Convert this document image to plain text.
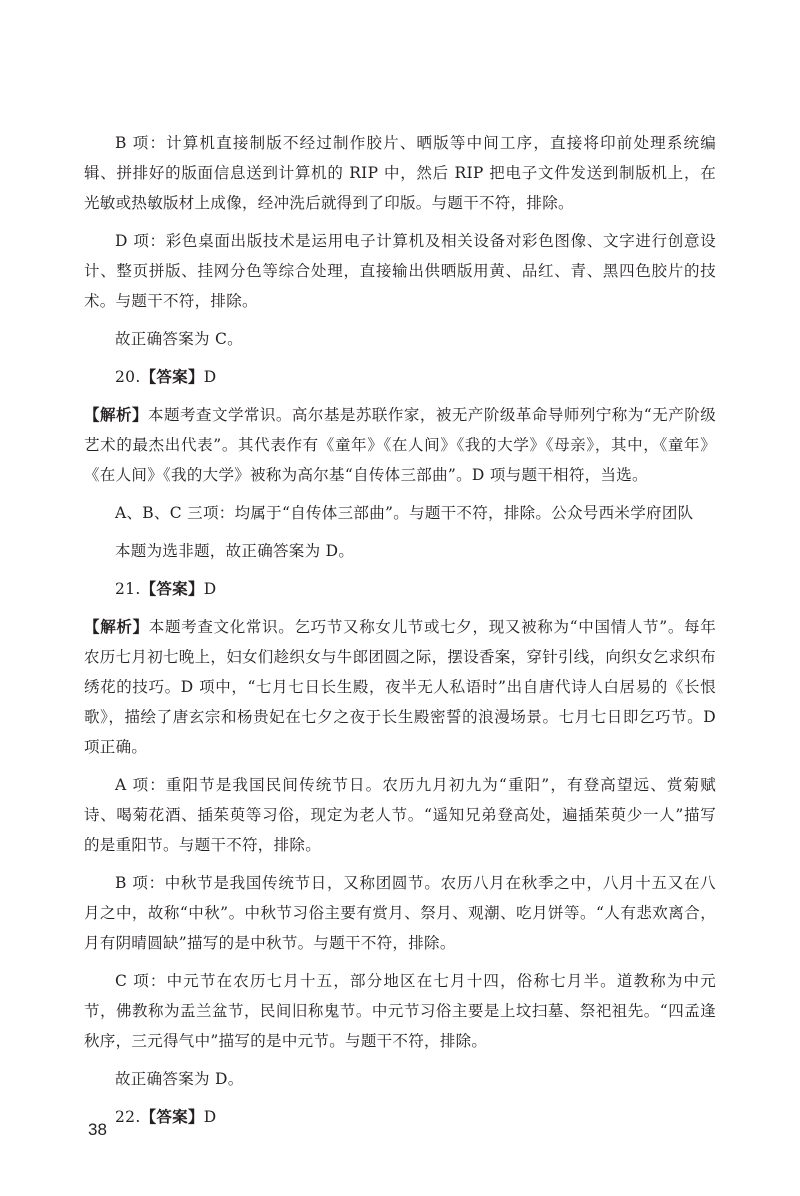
B 项：计算机直接制版不经过制作胶片、晒版等中间工序，直接将印前处理系统编辑、拼排好的版面信息送到计算机的 RIP 中，然后 RIP 把电子文件发送到制版机上，在光敏或热敏版材上成像，经冲洗后就得到了印版。与题干不符，排除。

D 项：彩色桌面出版技术是运用电子计算机及相关设备对彩色图像、文字进行创意设计、整页拼版、挂网分色等综合处理，直接输出供晒版用黄、品红、青、黑四色胶片的技术。与题干不符，排除。

故正确答案为 C。

20.【答案】D

【解析】本题考查文学常识。高尔基是苏联作家，被无产阶级革命导师列宁称为“无产阶级艺术的最杰出代表”。其代表作有《童年》《在人间》《我的大学》《母亲》，其中，《童年》《在人间》《我的大学》被称为高尔基“自传体三部曲”。D 项与题干相符，当选。

A、B、C 三项：均属于“自传体三部曲”。与题干不符，排除。公众号西米学府团队

本题为选非题，故正确答案为 D。

21.【答案】D

【解析】本题考查文化常识。乞巧节又称女儿节或七夕，现又被称为“中国情人节”。每年农历七月初七晚上，妇女们趁织女与牛郎团圆之际，摆设香案，穿针引线，向织女乞求织布绣花的技巧。D 项中，“七月七日长生殿，夜半无人私语时”出自唐代诗人白居易的《长恨歌》，描绘了唐玄宗和杨贵妃在七夕之夜于长生殿密誓的浪漫场景。七月七日即乞巧节。D 项正确。

A 项：重阳节是我国民间传统节日。农历九月初九为“重阳”，有登高望远、赏菊赋诗、喝菊花酒、插茱萸等习俗，现定为老人节。“遥知兄弟登高处，遍插茱萸少一人”描写的是重阳节。与题干不符，排除。

B 项：中秋节是我国传统节日，又称团圆节。农历八月在秋季之中，八月十五又在八月之中，故称“中秋”。中秋节习俗主要有赏月、祭月、观潮、吃月饼等。“人有悲欢离合，月有阴晴圆缺”描写的是中秋节。与题干不符，排除。

C 项：中元节在农历七月十五，部分地区在七月十四，俗称七月半。道教称为中元节，佛教称为盂兰盆节，民间旧称鬼节。中元节习俗主要是上坟扫墓、祭祀祖先。“四孟逢秋序，三元得气中”描写的是中元节。与题干不符，排除。

故正确答案为 D。

22.【答案】D

38
